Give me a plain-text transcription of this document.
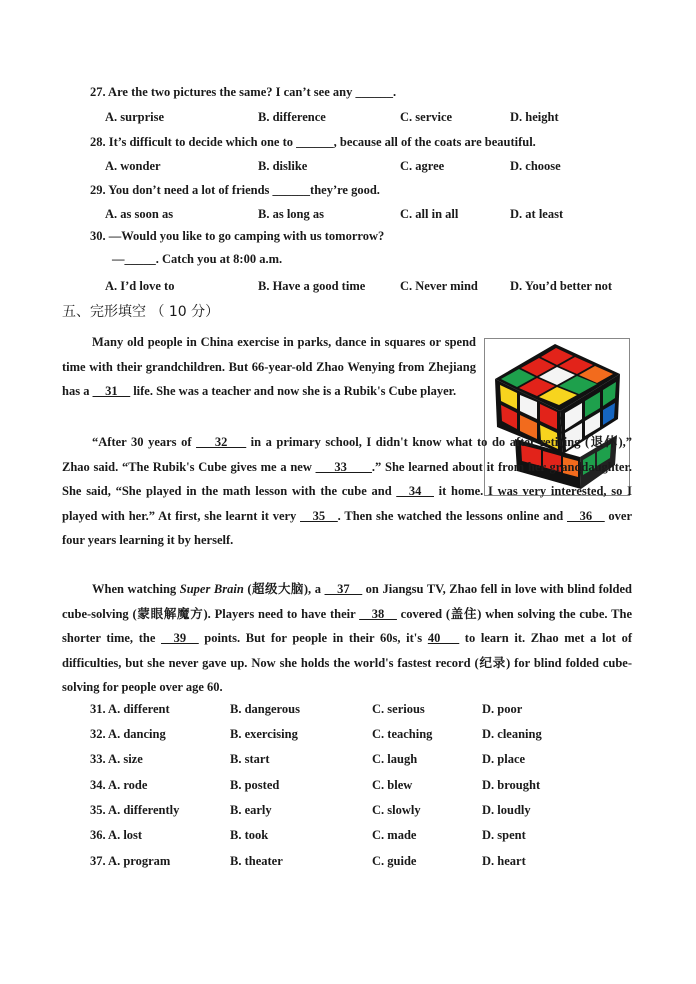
27. Are the two pictures the same? I can’t see any ______.
A. surprise	B. difference	C. service	D. height
28. It’s difficult to decide which one to ______, because all of the coats are beautiful.
A. wonder	B. dislike	C. agree	D. choose
29. You don’t need a lot of friends ______they’re good.
A. as soon as	B. as long as	C. all in all	D. at least
30. —Would you like to go camping with us tomorrow?
—_____. Catch you at 8:00 a.m.
A. I’d love to	B. Have a good time	C. Never mind	D. You’d better not
五、完形填空 （ 10 分）

Many old people in China exercise in parks, dance in squares or spend time with their grandchildren. But 66-year-old Zhao Wenying from Zhejiang has a __31__ life. She was a teacher and now she is a Rubik's Cube player.

“After 30 years of ___32___ in a primary school, I didn't know what to do after retiring (退休),” Zhao said. “The Rubik's Cube gives me a new ___33____.” She learned about it from her granddaughter. She said, “She played in the math lesson with the cube and __34__ it home. I was very interested, so I played with her.” At first, she learnt it very __35__. Then she watched the lessons online and __36__ over four years learning it by herself.

When watching Super Brain (超级大脑), a __37__ on Jiangsu TV, Zhao fell in love with blind folded cube-solving (蒙眼解魔方). Players need to have their __38__ covered (盖住) when solving the cube. The shorter time, the __39__ points. But for people in their 60s, it's 40___ to learn it. Zhao met a lot of difficulties, but she never gave up. Now she holds the world's fastest record (纪录) for blind folded cube-solving for people over age 60.

31. A. different	B. dangerous	C. serious	D. poor
32. A. dancing	B. exercising	C. teaching	D. cleaning
33. A. size	B. start	C. laugh	D. place
34. A. rode	B. posted	C. blew	D. brought
35. A. differently	B. early	C. slowly	D. loudly
36. A. lost	B. took	C. made	D. spent
37. A. program	B. theater	C. guide	D. heart
